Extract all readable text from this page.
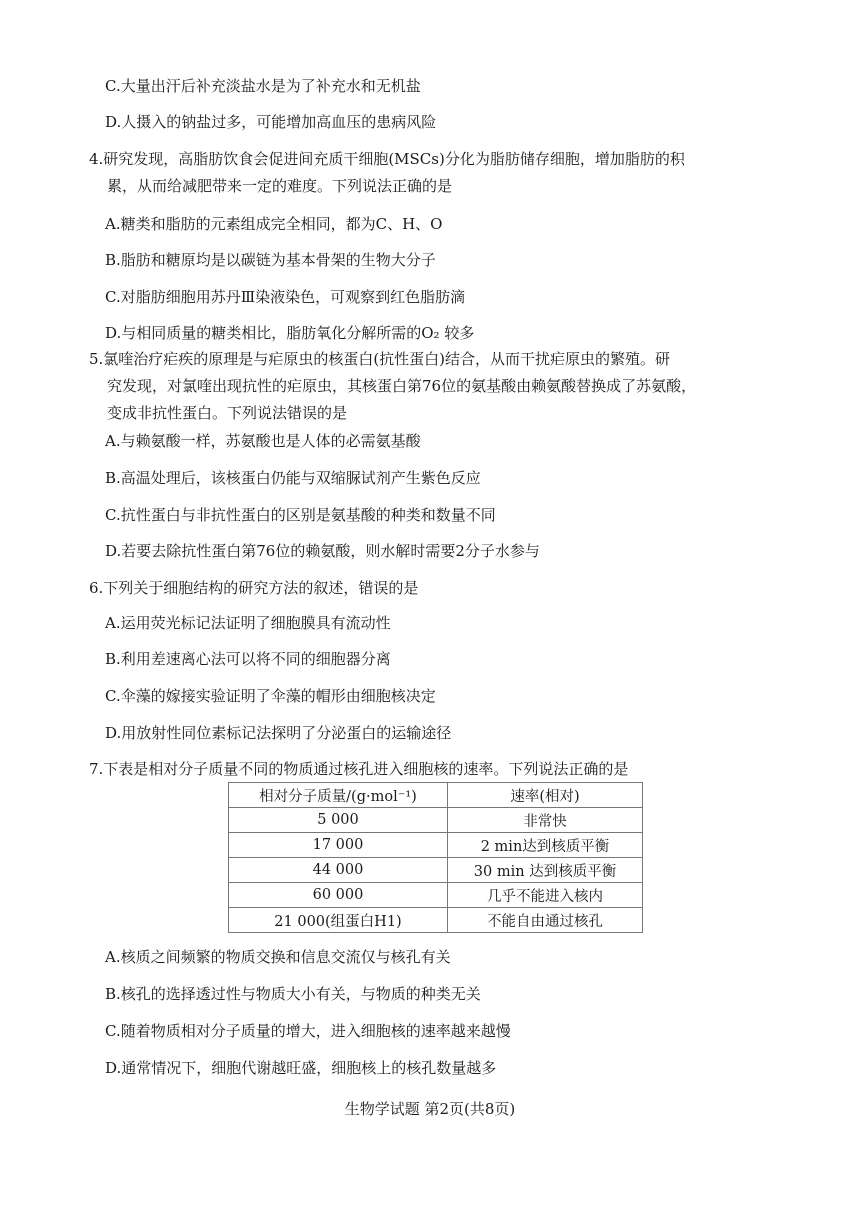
C.大量出汗后补充淡盐水是为了补充水和无机盐
D.人摄入的钠盐过多，可能增加高血压的患病风险
4.研究发现，高脂肪饮食会促进间充质干细胞(MSCs)分化为脂肪储存细胞，增加脂肪的积
累，从而给减肥带来一定的难度。下列说法正确的是
A.糖类和脂肪的元素组成完全相同，都为C、H、O
B.脂肪和糖原均是以碳链为基本骨架的生物大分子
C.对脂肪细胞用苏丹Ⅲ染液染色，可观察到红色脂肪滴
D.与相同质量的糖类相比，脂肪氧化分解所需的O₂ 较多
5.氯喹治疗疟疾的原理是与疟原虫的核蛋白(抗性蛋白)结合，从而干扰疟原虫的繁殖。研
究发现，对氯喹出现抗性的疟原虫，其核蛋白第76位的氨基酸由赖氨酸替换成了苏氨酸，
变成非抗性蛋白。下列说法错误的是
A.与赖氨酸一样，苏氨酸也是人体的必需氨基酸
B.高温处理后，该核蛋白仍能与双缩脲试剂产生紫色反应
C.抗性蛋白与非抗性蛋白的区别是氨基酸的种类和数量不同
D.若要去除抗性蛋白第76位的赖氨酸，则水解时需要2分子水参与
6.下列关于细胞结构的研究方法的叙述，错误的是
A.运用荧光标记法证明了细胞膜具有流动性
B.利用差速离心法可以将不同的细胞器分离
C.伞藻的嫁接实验证明了伞藻的帽形由细胞核决定
D.用放射性同位素标记法探明了分泌蛋白的运输途径
7.下表是相对分子质量不同的物质通过核孔进入细胞核的速率。下列说法正确的是
相对分子质量/(g·mol⁻¹)	速率(相对)
5 000	非常快
17 000	2 min达到核质平衡
44 000	30 min 达到核质平衡
60 000	几乎不能进入核内
21 000(组蛋白H1)	不能自由通过核孔
A.核质之间频繁的物质交换和信息交流仅与核孔有关
B.核孔的选择透过性与物质大小有关，与物质的种类无关
C.随着物质相对分子质量的增大，进入细胞核的速率越来越慢
D.通常情况下，细胞代谢越旺盛，细胞核上的核孔数量越多
生物学试题 第2页(共8页)
